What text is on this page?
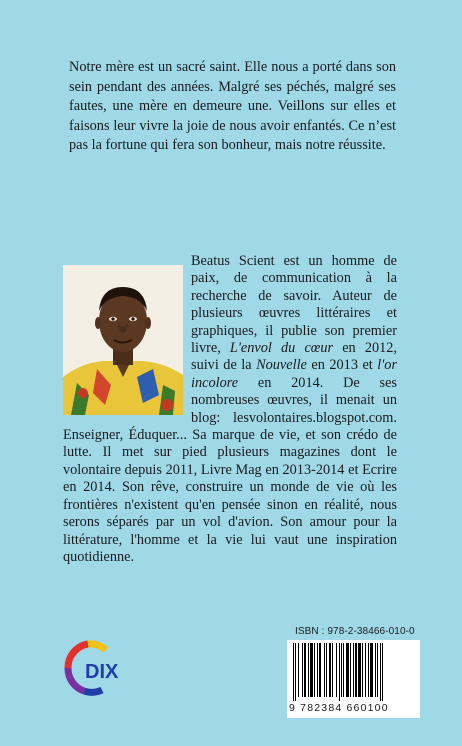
Notre mère est un sacré saint. Elle nous a porté dans son sein pendant des années. Malgré ses péchés, malgré ses fautes, une mère en demeure une. Veillons sur elles et faisons leur vivre la joie de nous avoir enfantés. Ce n’est pas la fortune qui fera son bonheur, mais notre réussite.

Beatus Scient est un homme de paix, de communication à la recherche de savoir. Auteur de plusieurs œuvres littéraires et graphiques, il publie son premier livre, L'envol du cœur en 2012, suivi de la Nouvelle en 2013 et l'or incolore en 2014. De ses nombreuses œuvres, il menait un blog: lesvolontaires.blogspot.com. Enseigner, Éduquer... Sa marque de vie, et son crédo de lutte. Il met sur pied plusieurs magazines dont le volontaire depuis 2011, Livre Mag en 2013-2014 et Ecrire en 2014. Son rêve, construire un monde de vie où les frontières n'existent qu'en pensée sinon en réalité, nous serons séparés par un vol d'avion. Son amour pour la littérature, l'homme et la vie lui vaut une inspiration quotidienne.

DIX

ISBN : 978-2-38466-010-0

9 782384 660100
